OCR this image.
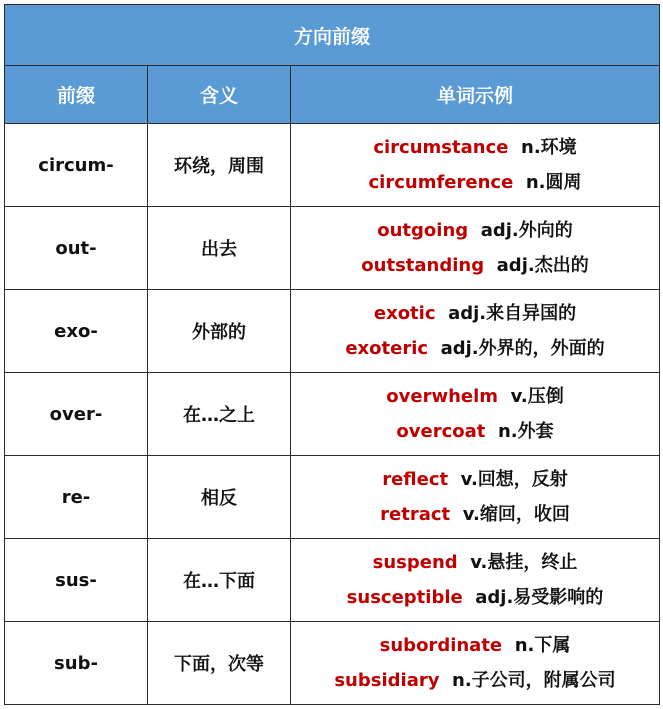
方向前缀		
前缀	含义	单词示例
circum-	环绕，周围	circumstance n.环境
circumference n.圆周

out-	出去	outgoing adj.外向的
outstanding adj.杰出的

exo-	外部的	exotic adj.来自异国的
exoteric adj.外界的，外面的

over-	在…之上	overwhelm v.压倒
overcoat n.外套

re-	相反	reflect v.回想，反射
retract v.缩回，收回

sus-	在…下面	suspend v.悬挂，终止
susceptible adj.易受影响的

sub-	下面，次等	subordinate n.下属
subsidiary n.子公司，附属公司
